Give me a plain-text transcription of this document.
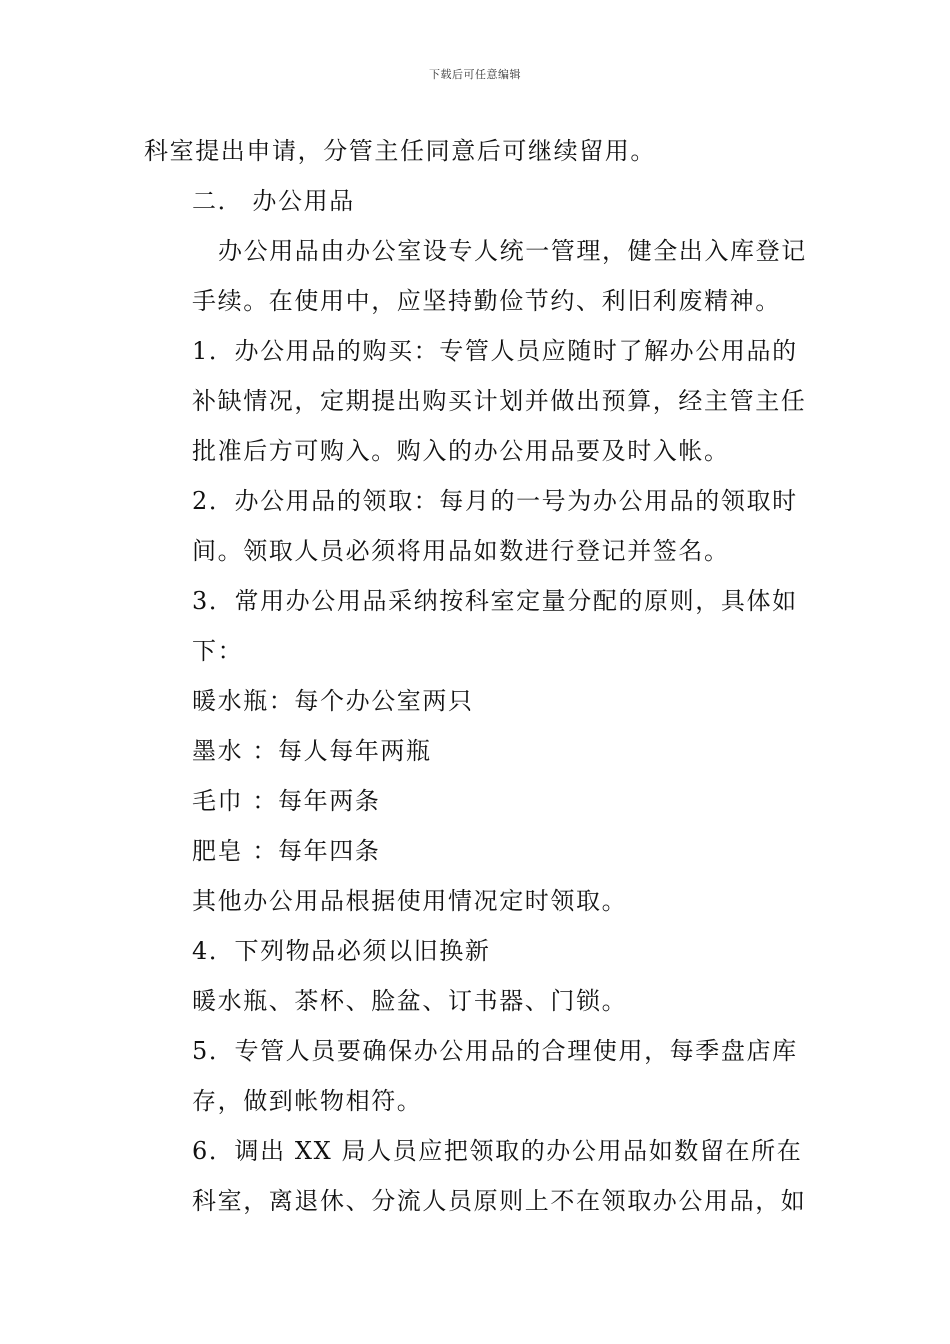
下载后可任意编辑
科室提出申请，分管主任同意后可继续留用。
二． 办公用品
办公用品由办公室设专人统一管理，健全出入库登记
手续。在使用中，应坚持勤俭节约、利旧利废精神。
1．办公用品的购买：专管人员应随时了解办公用品的
补缺情况，定期提出购买计划并做出预算，经主管主任
批准后方可购入。购入的办公用品要及时入帐。
2．办公用品的领取：每月的一号为办公用品的领取时
间。领取人员必须将用品如数进行登记并签名。
3．常用办公用品采纳按科室定量分配的原则，具体如
下：
暖水瓶：每个办公室两只
墨水 ：每人每年两瓶
毛巾 ：每年两条
肥皂 ：每年四条
其他办公用品根据使用情况定时领取。
4．下列物品必须以旧换新
暖水瓶、茶杯、脸盆、订书器、门锁。
5．专管人员要确保办公用品的合理使用，每季盘店库
存，做到帐物相符。
6．调出 XX 局人员应把领取的办公用品如数留在所在
科室，离退休、分流人员原则上不在领取办公用品，如
